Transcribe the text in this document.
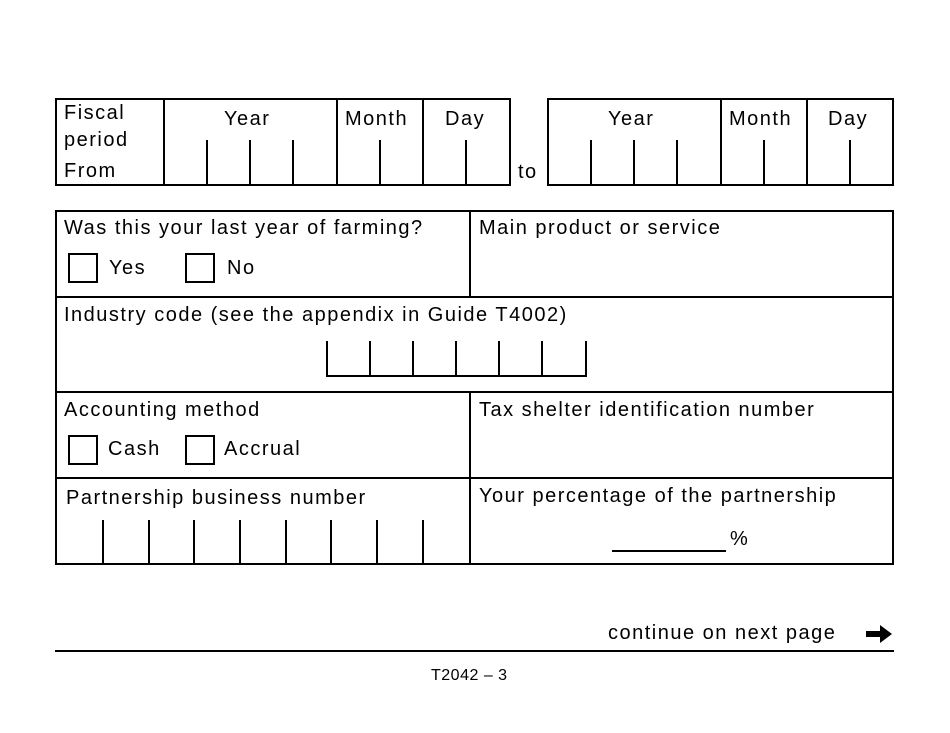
Fiscal
period
From
Year	Month Day
to
Year	Month Day
Was this your last year of farming?
Yes	No
Main product or service
Industry code (see the appendix in Guide T4002)
Accounting method
Cash	Accrual
Tax shelter identification number
Partnership business number	Your percentage of the partnership
%
continue on next page
T2042 – 3
